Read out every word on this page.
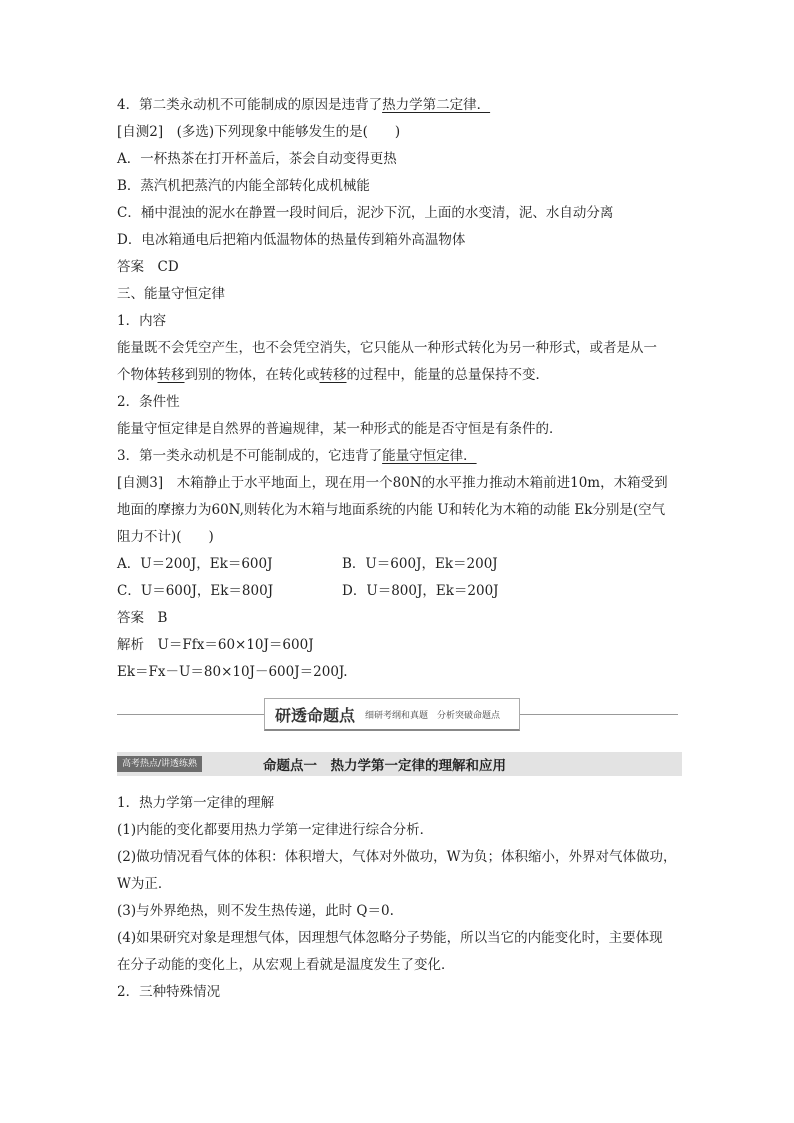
4．第二类永动机不可能制成的原因是违背了热力学第二定律．
[自测2]　(多选)下列现象中能够发生的是(　　)
A．一杯热茶在打开杯盖后，茶会自动变得更热
B．蒸汽机把蒸汽的内能全部转化成机械能
C．桶中混浊的泥水在静置一段时间后，泥沙下沉，上面的水变清，泥、水自动分离
D．电冰箱通电后把箱内低温物体的热量传到箱外高温物体
答案　CD
三、能量守恒定律
1．内容
能量既不会凭空产生，也不会凭空消失，它只能从一种形式转化为另一种形式，或者是从一
个物体转移到别的物体，在转化或转移的过程中，能量的总量保持不变．
2．条件性
能量守恒定律是自然界的普遍规律，某一种形式的能是否守恒是有条件的．
3．第一类永动机是不可能制成的，它违背了能量守恒定律．
[自测3]　木箱静止于水平地面上，现在用一个80N的水平推力推动木箱前进10m，木箱受到
地面的摩擦力为60N,则转化为木箱与地面系统的内能 U和转化为木箱的动能 Ek分别是(空气
阻力不计)(　　)
A．U＝200J，Ek＝600J	B．U＝600J，Ek＝200J
C．U＝600J，Ek＝800J	D．U＝800J，Ek＝200J
答案　B
解析　U＝Ffx＝60×10J＝600J
Ek＝Fx－U＝80×10J－600J＝200J.
研透命题点	细研考纲和真题　分析突破命题点
高考热点/讲透练熟	命题点一　热力学第一定律的理解和应用
1．热力学第一定律的理解
(1)内能的变化都要用热力学第一定律进行综合分析．
(2)做功情况看气体的体积：体积增大，气体对外做功，W为负；体积缩小，外界对气体做功，
W为正．
(3)与外界绝热，则不发生热传递，此时 Q＝0.
(4)如果研究对象是理想气体，因理想气体忽略分子势能，所以当它的内能变化时，主要体现
在分子动能的变化上，从宏观上看就是温度发生了变化．
2．三种特殊情况
